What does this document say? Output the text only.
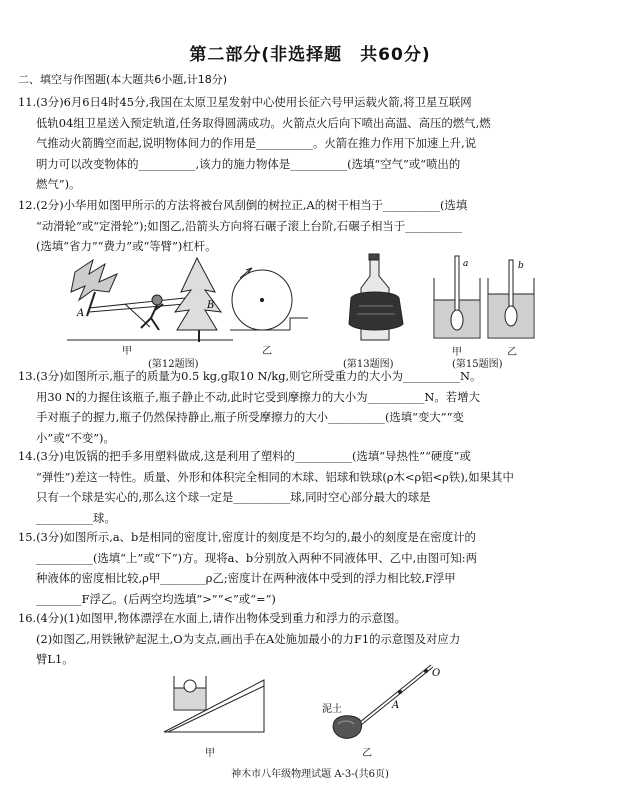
第二部分(非选择题　共60分)

二、填空与作图题(本大题共6小题,计18分)

11.(3分)6月6日4时45分,我国在太原卫星发射中心使用长征六号甲运载火箭,将卫星互联网

低轨04组卫星送入预定轨道,任务取得圆满成功。火箭点火后向下喷出高温、高压的燃气,燃

气推动火箭腾空而起,说明物体间力的作用是__________。火箭在推力作用下加速上升,说

明力可以改变物体的__________,该力的施力物体是__________(选填“空气”或“喷出的

燃气”)。

12.(2分)小华用如图甲所示的方法将被台风刮倒的树拉正,A的树干相当于__________(选填

“动滑轮”或“定滑轮”);如图乙,沿箭头方向将石碾子滚上台阶,石碾子相当于__________

(选填“省力”“费力”或“等臂”)杠杆。

A
B
甲	乙
(第12题图)	(第13题图)
a	b
甲	乙
(第15题图)

13.(3分)如图所示,瓶子的质量为0.5 kg,g取10 N/kg,则它所受重力的大小为__________N。

用30 N的力握住该瓶子,瓶子静止不动,此时它受到摩擦力的大小为__________N。若增大

手对瓶子的握力,瓶子仍然保持静止,瓶子所受摩擦力的大小__________(选填“变大”“变

小”或“不变”)。

14.(3分)电饭锅的把手多用塑料做成,这是利用了塑料的__________(选填“导热性”“硬度”或

“弹性”)差这一特性。质量、外形和体积完全相同的木球、铝球和铁球(ρ木<ρ铝<ρ铁),如果其中

只有一个球是实心的,那么这个球一定是__________球,同时空心部分最大的球是

__________球。

15.(3分)如图所示,a、b是相同的密度计,密度计的刻度是不均匀的,最小的刻度是在密度计的

__________(选填“上”或“下”)方。现将a、b分别放入两种不同液体甲、乙中,由图可知:两

种液体的密度相比较,ρ甲________ρ乙;密度计在两种液体中受到的浮力相比较,F浮甲

________F浮乙。(后两空均选填“>”“<”或“=”)

16.(4分)(1)如图甲,物体漂浮在水面上,请作出物体受到重力和浮力的示意图。

(2)如图乙,用铁锹铲起泥土,O为支点,画出手在A处施加最小的力F1的示意图及对应力

臂L1。

甲
泥土
O
A
乙
神木市八年级物理试题 A-3-(共6页)
